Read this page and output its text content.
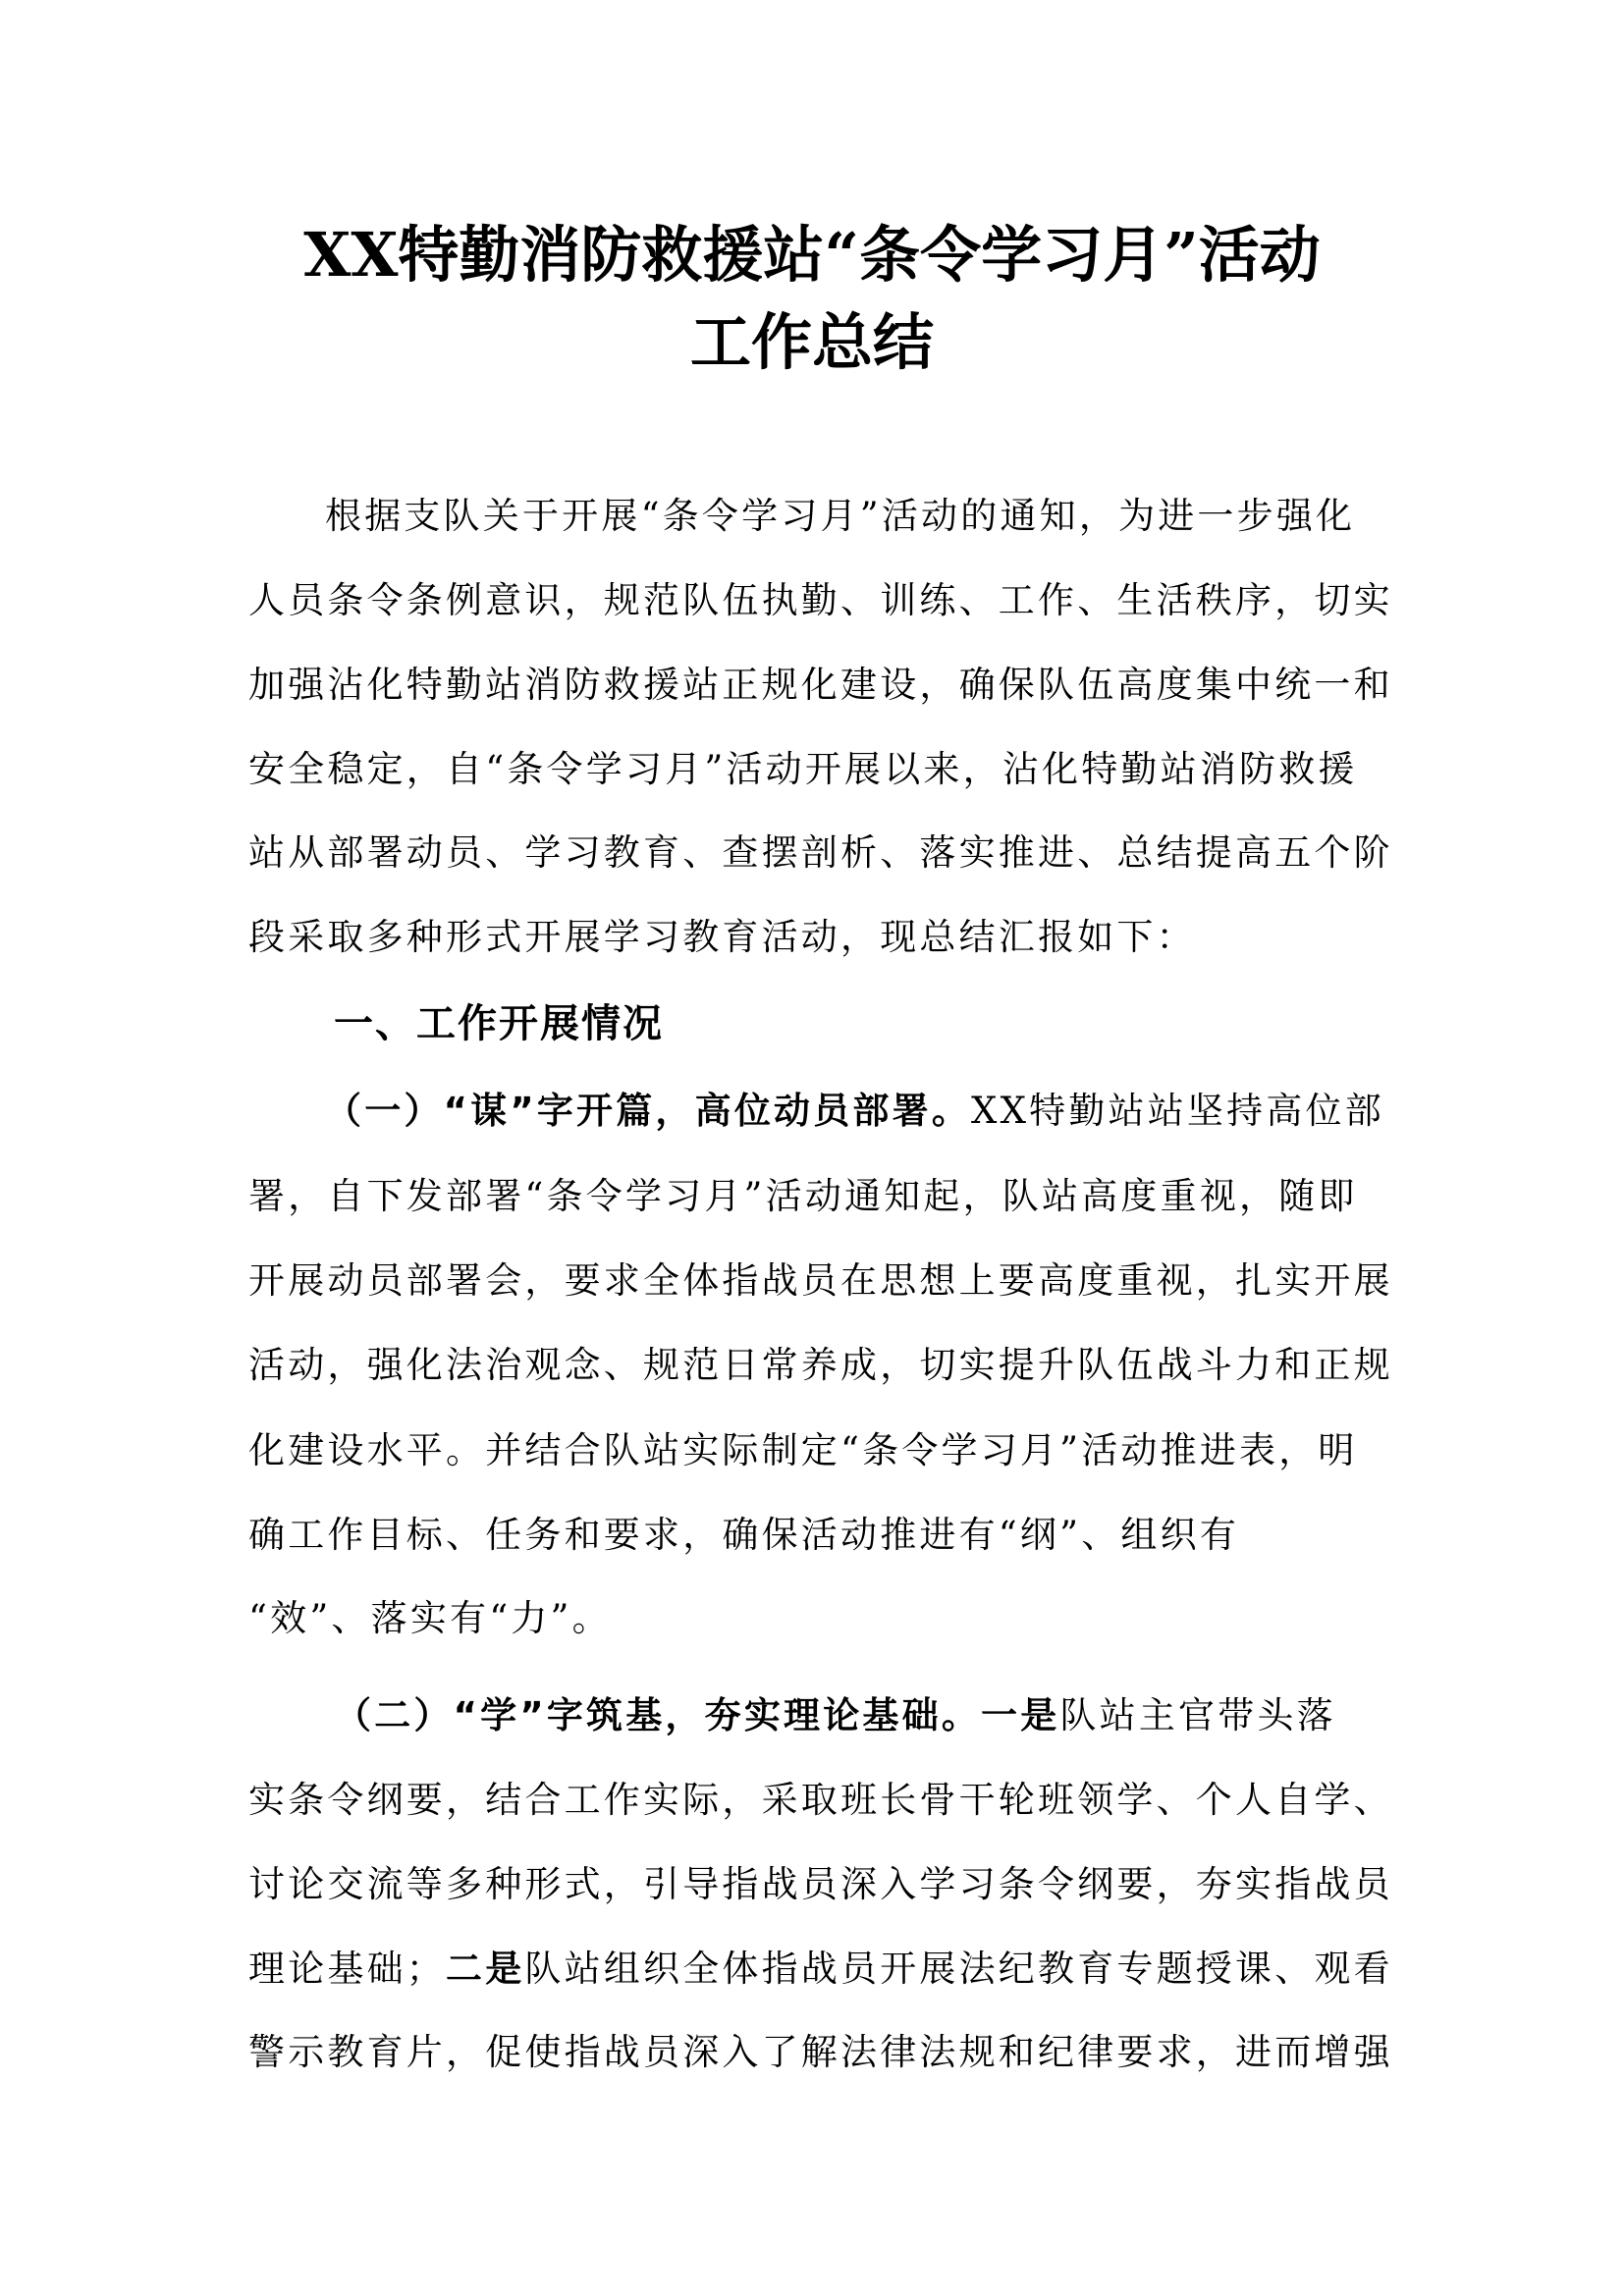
XX特勤消防救援站“条令学习月”活动
工作总结
根据支队关于开展“条令学习月”活动的通知，为进一步强化
人员条令条例意识，规范队伍执勤、训练、工作、生活秩序，切实
加强沾化特勤站消防救援站正规化建设，确保队伍高度集中统一和
安全稳定，自“条令学习月”活动开展以来，沾化特勤站消防救援
站从部署动员、学习教育、查摆剖析、落实推进、总结提高五个阶
段采取多种形式开展学习教育活动，现总结汇报如下：
一、工作开展情况
（一）“谋”字开篇，高位动员部署。XX特勤站站坚持高位部
署，自下发部署“条令学习月”活动通知起，队站高度重视，随即
开展动员部署会，要求全体指战员在思想上要高度重视，扎实开展
活动，强化法治观念、规范日常养成，切实提升队伍战斗力和正规
化建设水平。并结合队站实际制定“条令学习月”活动推进表，明
确工作目标、任务和要求，确保活动推进有“纲”、组织有
“效”、落实有“力”。
（二）“学”字筑基，夯实理论基础。一是队站主官带头落
实条令纲要，结合工作实际，采取班长骨干轮班领学、个人自学、
讨论交流等多种形式，引导指战员深入学习条令纲要，夯实指战员
理论基础；二是队站组织全体指战员开展法纪教育专题授课、观看
警示教育片，促使指战员深入了解法律法规和纪律要求，进而增强
